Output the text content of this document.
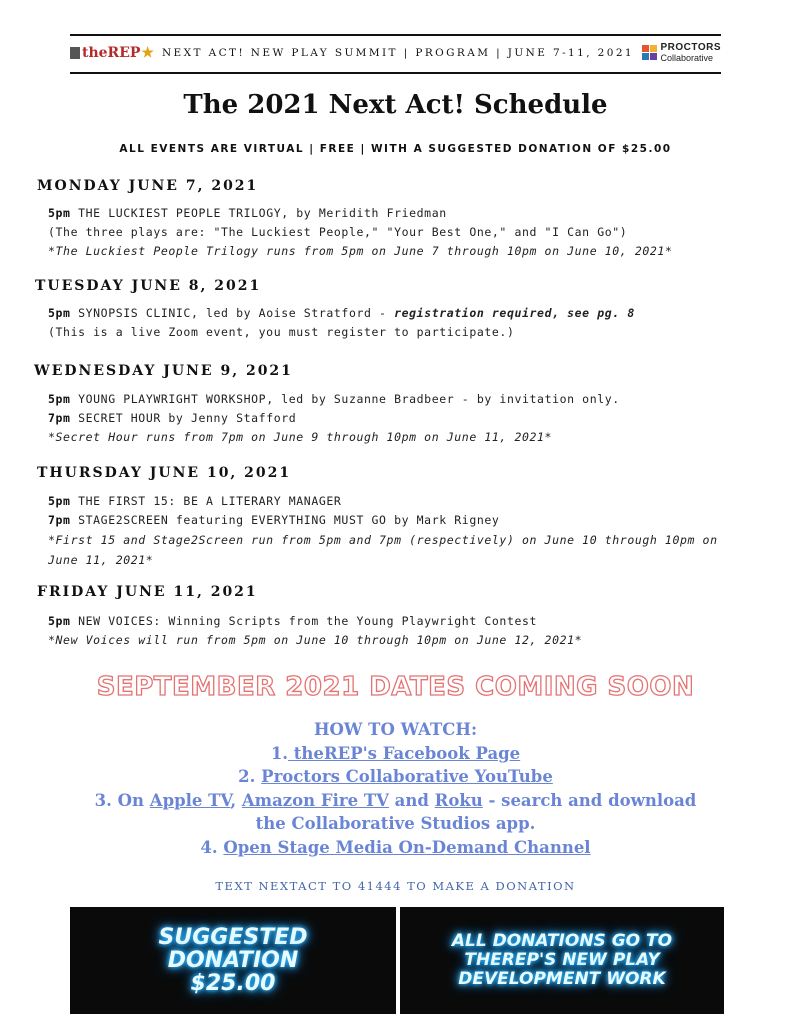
theREP ★ NEXT ACT! NEW PLAY SUMMIT | PROGRAM | JUNE 7-11, 2021	PROCTORS
Collaborative
The 2021 Next Act! Schedule
ALL EVENTS ARE VIRTUAL | FREE | WITH A SUGGESTED DONATION OF $25.00
MONDAY JUNE 7, 2021
5pm THE LUCKIEST PEOPLE TRILOGY, by Meridith Friedman
(The three plays are: "The Luckiest People," "Your Best One," and "I Can Go")
*The Luckiest People Trilogy runs from 5pm on June 7 through 10pm on June 10, 2021*
TUESDAY JUNE 8, 2021
5pm SYNOPSIS CLINIC, led by Aoise Stratford - registration required, see pg. 8
(This is a live Zoom event, you must register to participate.)
WEDNESDAY JUNE 9, 2021
5pm YOUNG PLAYWRIGHT WORKSHOP, led by Suzanne Bradbeer - by invitation only.
7pm SECRET HOUR by Jenny Stafford
*Secret Hour runs from 7pm on June 9 through 10pm on June 11, 2021*
THURSDAY JUNE 10, 2021
5pm THE FIRST 15: BE A LITERARY MANAGER
7pm STAGE2SCREEN featuring EVERYTHING MUST GO by Mark Rigney
*First 15 and Stage2Screen run from 5pm and 7pm (respectively) on June 10 through 10pm on June 11, 2021*
FRIDAY JUNE 11, 2021
5pm NEW VOICES: Winning Scripts from the Young Playwright Contest
*New Voices will run from 5pm on June 10 through 10pm on June 12, 2021*
SEPTEMBER 2021 DATES COMING SOON
HOW TO WATCH:
1. theREP's Facebook Page
2. Proctors Collaborative YouTube
3. On Apple TV, Amazon Fire TV and Roku - search and download
the Collaborative Studios app.
4. Open Stage Media On-Demand Channel
TEXT NEXTACT TO 41444 TO MAKE A DONATION
SUGGESTED
DONATION
$25.00
ALL DONATIONS GO TO
THEREP'S NEW PLAY
DEVELOPMENT WORK
